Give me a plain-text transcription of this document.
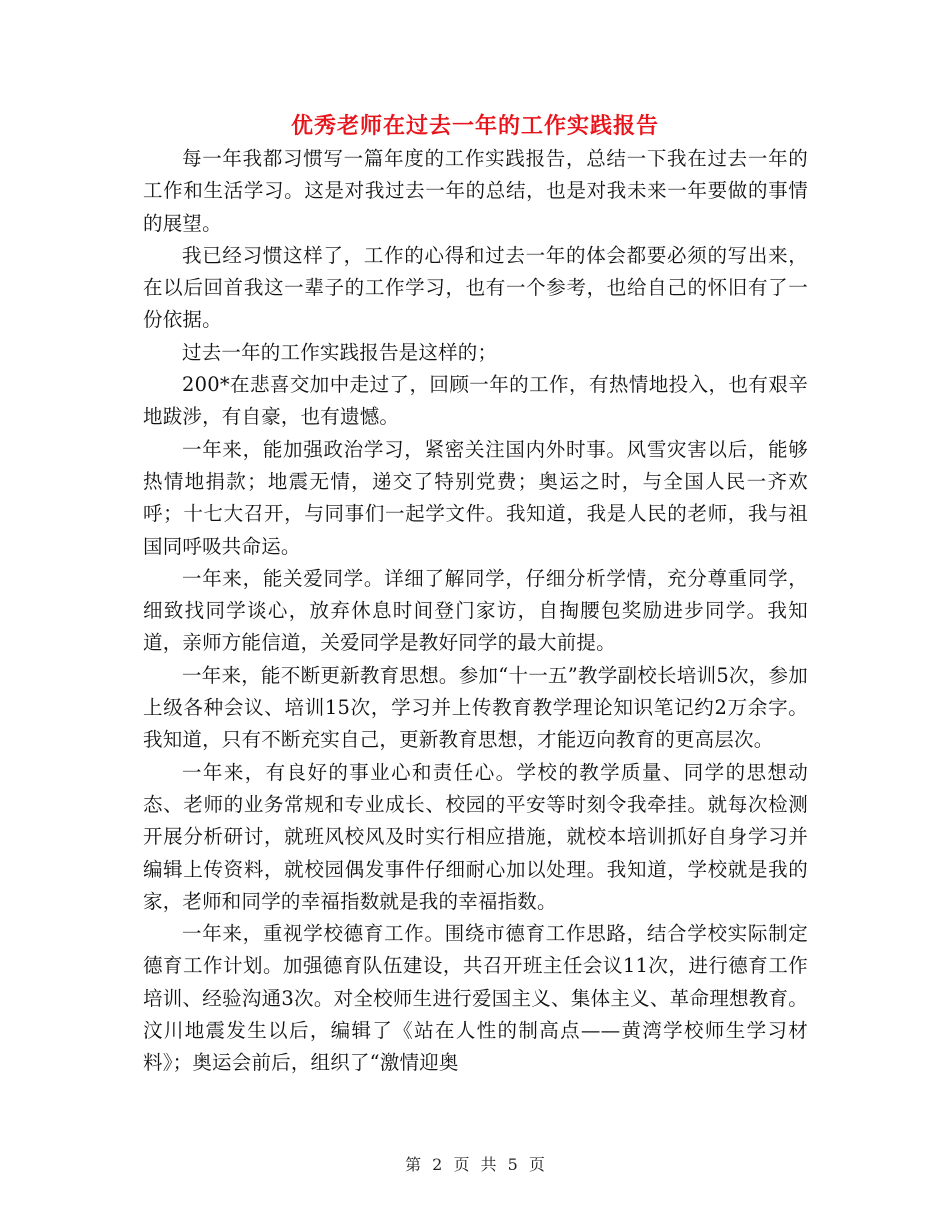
优秀老师在过去一年的工作实践报告

每一年我都习惯写一篇年度的工作实践报告，总结一下我在过去一年的工作和生活学习。这是对我过去一年的总结，也是对我未来一年要做的事情的展望。

我已经习惯这样了，工作的心得和过去一年的体会都要必须的写出来，在以后回首我这一辈子的工作学习，也有一个参考，也给自己的怀旧有了一份依据。

过去一年的工作实践报告是这样的；

200*在悲喜交加中走过了，回顾一年的工作，有热情地投入，也有艰辛地跋涉，有自豪，也有遗憾。

一年来，能加强政治学习，紧密关注国内外时事。风雪灾害以后，能够热情地捐款；地震无情，递交了特别党费；奥运之时，与全国人民一齐欢呼；十七大召开，与同事们一起学文件。我知道，我是人民的老师，我与祖国同呼吸共命运。

一年来，能关爱同学。详细了解同学，仔细分析学情，充分尊重同学，细致找同学谈心，放弃休息时间登门家访，自掏腰包奖励进步同学。我知道，亲师方能信道，关爱同学是教好同学的最大前提。

一年来，能不断更新教育思想。参加“十一五”教学副校长培训5次，参加上级各种会议、培训15次，学习并上传教育教学理论知识笔记约2万余字。我知道，只有不断充实自己，更新教育思想，才能迈向教育的更高层次。

一年来，有良好的事业心和责任心。学校的教学质量、同学的思想动态、老师的业务常规和专业成长、校园的平安等时刻令我牵挂。就每次检测开展分析研讨，就班风校风及时实行相应措施，就校本培训抓好自身学习并编辑上传资料，就校园偶发事件仔细耐心加以处理。我知道，学校就是我的家，老师和同学的幸福指数就是我的幸福指数。

一年来，重视学校德育工作。围绕市德育工作思路，结合学校实际制定德育工作计划。加强德育队伍建设，共召开班主任会议11次，进行德育工作培训、经验沟通3次。对全校师生进行爱国主义、集体主义、革命理想教育。汶川地震发生以后，编辑了《站在人性的制高点——黄湾学校师生学习材料》；奥运会前后，组织了“激情迎奥

第 2 页 共 5 页
